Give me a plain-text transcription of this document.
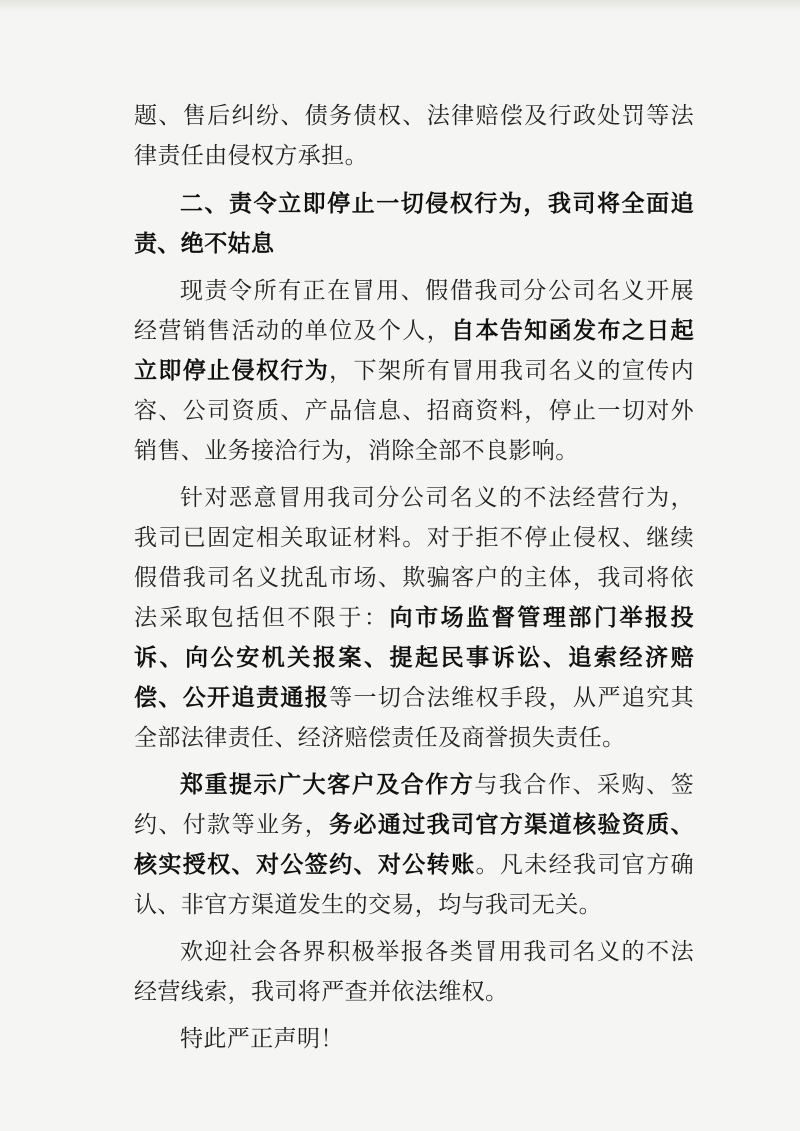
题、售后纠纷、债务债权、法律赔偿及行政处罚等法律责任由侵权方承担。

二、责令立即停止一切侵权行为，我司将全面追责、绝不姑息

现责令所有正在冒用、假借我司分公司名义开展经营销售活动的单位及个人，自本告知函发布之日起立即停止侵权行为，下架所有冒用我司名义的宣传内容、公司资质、产品信息、招商资料，停止一切对外销售、业务接洽行为，消除全部不良影响。

针对恶意冒用我司分公司名义的不法经营行为，我司已固定相关取证材料。对于拒不停止侵权、继续假借我司名义扰乱市场、欺骗客户的主体，我司将依法采取包括但不限于：向市场监督管理部门举报投诉、向公安机关报案、提起民事诉讼、追索经济赔偿、公开追责通报等一切合法维权手段，从严追究其全部法律责任、经济赔偿责任及商誉损失责任。

郑重提示广大客户及合作方与我合作、采购、签约、付款等业务，务必通过我司官方渠道核验资质、核实授权、对公签约、对公转账。凡未经我司官方确认、非官方渠道发生的交易，均与我司无关。

欢迎社会各界积极举报各类冒用我司名义的不法经营线索，我司将严查并依法维权。

特此严正声明！
